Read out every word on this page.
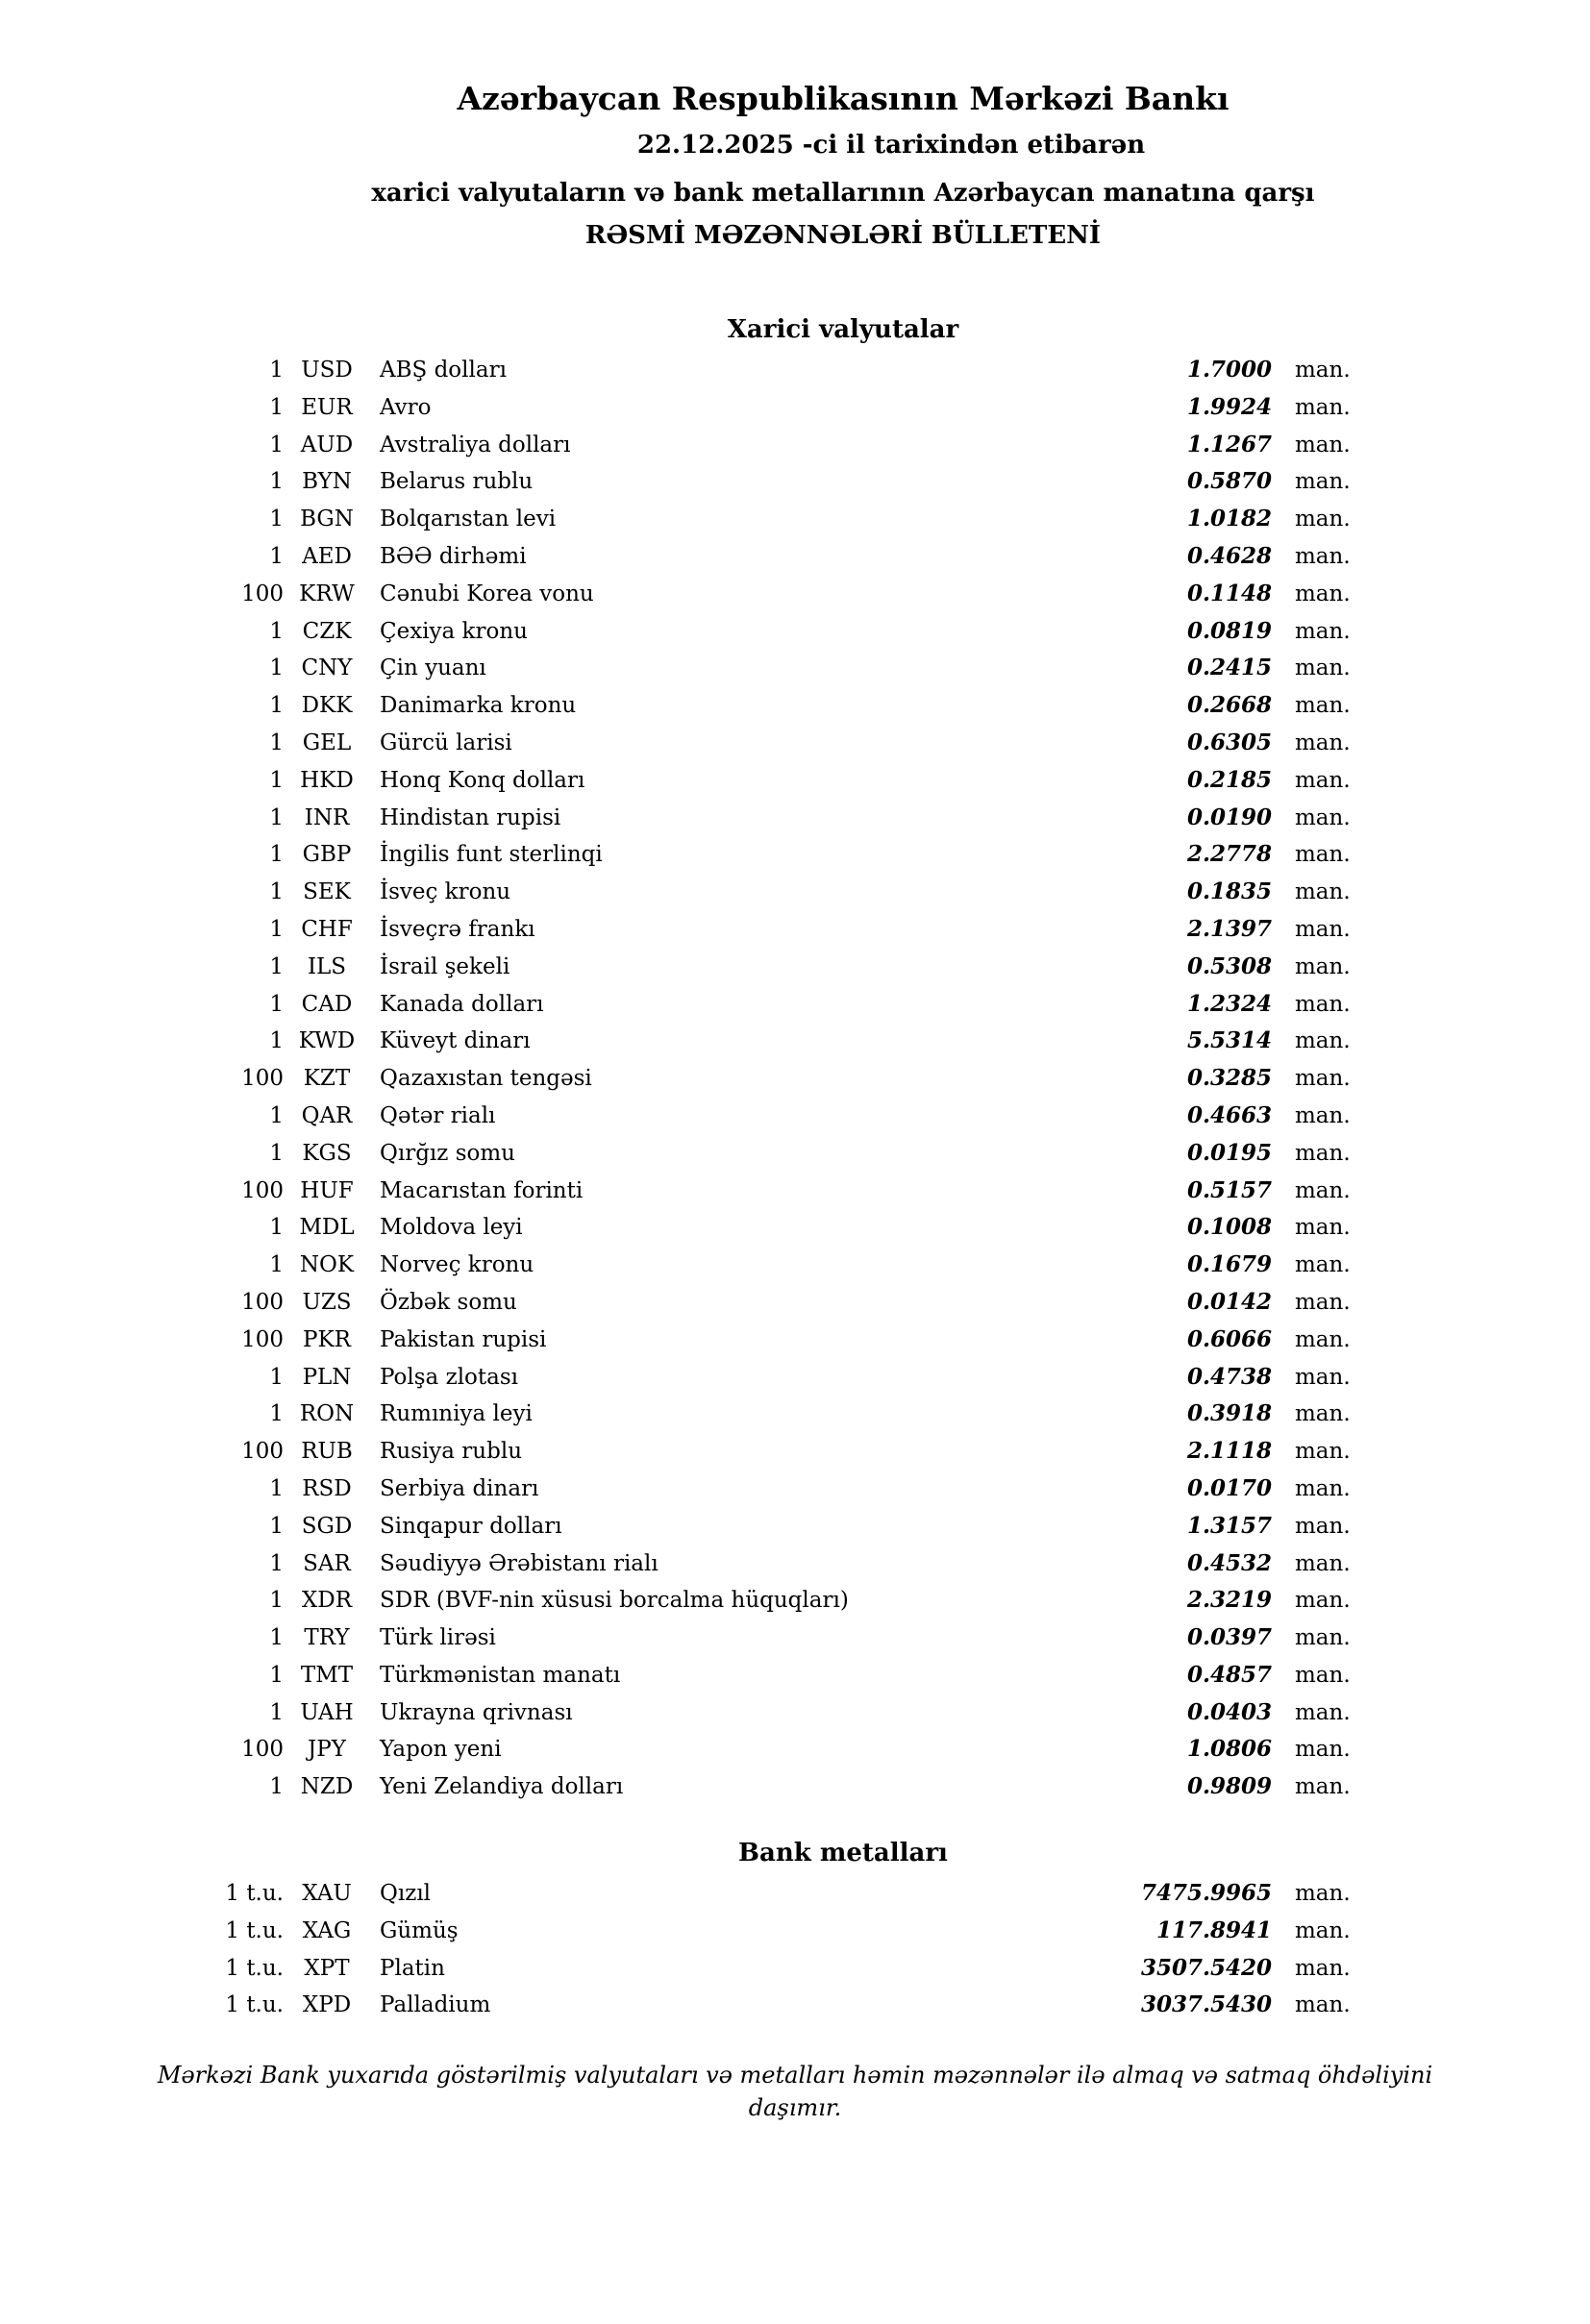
Azərbaycan Respublikasının Mərkəzi Bankı
22.12.2025 -ci il tarixindən etibarən
xarici valyutaların və bank metallarının Azərbaycan manatına qarşı
RƏSMİ MƏZƏNNƏLƏRİ BÜLLETENİ
Xarici valyutalar
1 USD	ABŞ dolları	1.7000	man.
1 EUR	Avro	1.9924	man.
1 AUD	Avstraliya dolları	1.1267	man.
1 BYN	Belarus rublu	0.5870	man.
1 BGN	Bolqarıstan levi	1.0182	man.
1 AED	BƏƏ dirhəmi	0.4628	man.
100 KRW	Cənubi Korea vonu	0.1148	man.
1 CZK	Çexiya kronu	0.0819	man.
1 CNY	Çin yuanı	0.2415	man.
1 DKK	Danimarka kronu	0.2668	man.
1 GEL	Gürcü larisi	0.6305	man.
1 HKD	Honq Konq dolları	0.2185	man.
1 INR	Hindistan rupisi	0.0190	man.
1 GBP	İngilis funt sterlinqi	2.2778	man.
1 SEK	İsveç kronu	0.1835	man.
1 CHF	İsveçrə frankı	2.1397	man.
1	ILS	İsrail şekeli	0.5308	man.
1 CAD	Kanada dolları	1.2324	man.
1 KWD	Küveyt dinarı	5.5314	man.
100 KZT	Qazaxıstan tengəsi	0.3285	man.
1 QAR	Qətər rialı	0.4663	man.
1 KGS	Qırğız somu	0.0195	man.
100 HUF	Macarıstan forinti	0.5157	man.
1 MDL	Moldova leyi	0.1008	man.
1 NOK	Norveç kronu	0.1679	man.
100 UZS	Özbək somu	0.0142	man.
100 PKR	Pakistan rupisi	0.6066	man.
1 PLN	Polşa zlotası	0.4738	man.
1 RON	Rumıniya leyi	0.3918	man.
100 RUB	Rusiya rublu	2.1118	man.
1 RSD	Serbiya dinarı	0.0170	man.
1 SGD	Sinqapur dolları	1.3157	man.
1 SAR	Səudiyyə Ərəbistanı rialı	0.4532	man.
1 XDR	SDR (BVF-nin xüsusi borcalma hüquqları)	2.3219	man.
1 TRY	Türk lirəsi	0.0397	man.
1 TMT	Türkmənistan manatı	0.4857	man.
1 UAH	Ukrayna qrivnası	0.0403	man.
100	JPY	Yapon yeni	1.0806	man.
1 NZD	Yeni Zelandiya dolları	0.9809	man.
Bank metalları
1 t.u. XAU	Qızıl	7475.9965	man.
1 t.u. XAG	Gümüş	117.8941	man.
1 t.u. XPT	Platin	3507.5420	man.
1 t.u. XPD	Palladium	3037.5430	man.
Mərkəzi Bank yuxarıda göstərilmiş valyutaları və metalları həmin məzənnələr ilə almaq və satmaq öhdəliyini daşımır.
